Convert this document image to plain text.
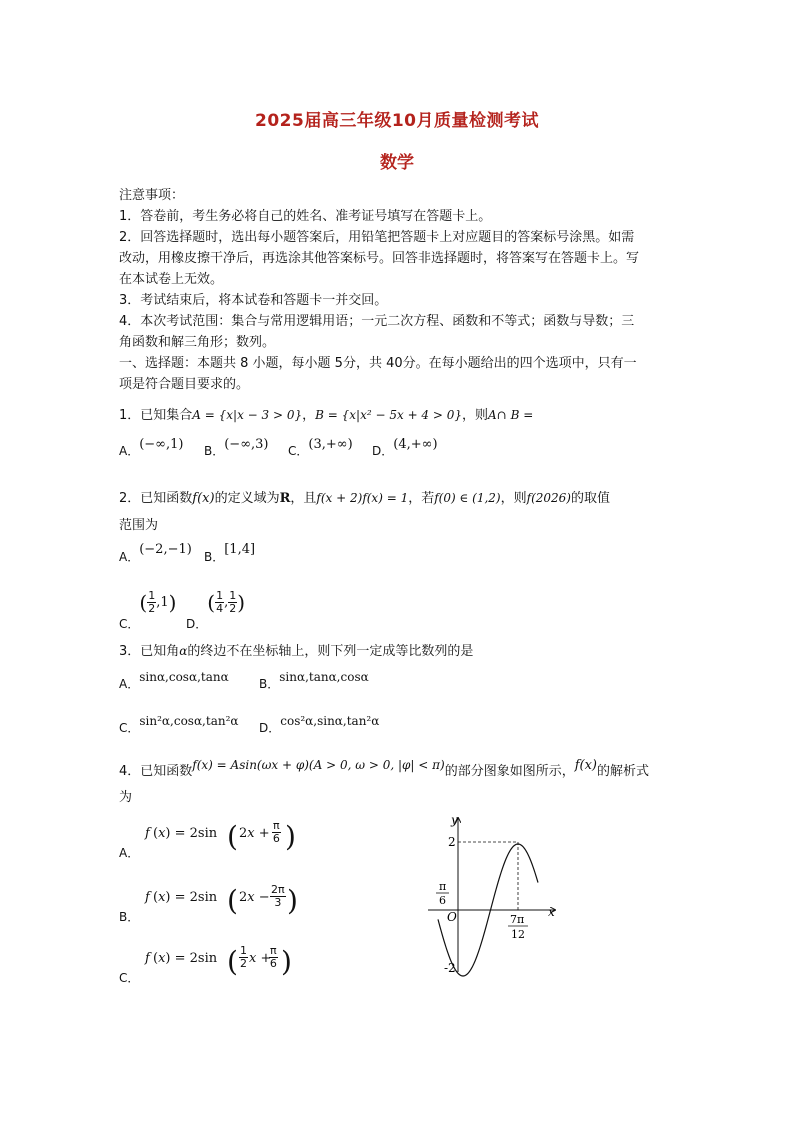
2025届高三年级10月质量检测考试
数学
注意事项：
1．答卷前，考生务必将自己的姓名、准考证号填写在答题卡上。
2．回答选择题时，选出每小题答案后，用铅笔把答题卡上对应题目的答案标号涂黑。如需
改动，用橡皮擦干净后，再选涂其他答案标号。回答非选择题时，将答案写在答题卡上。写
在本试卷上无效。
3．考试结束后，将本试卷和答题卡一并交回。
4．本次考试范围：集合与常用逻辑用语；一元二次方程、函数和不等式；函数与导数；三
角函数和解三角形；数列。
一、选择题：本题共 8 小题，每小题 5分，共 40分。在每小题给出的四个选项中，只有一
项是符合题目要求的。
1．已知集合A = {x|x − 3 > 0}，B = {x|x² − 5x + 4 > 0}，则A∩ B =
A．(−∞,1) B．(−∞,3) C．(3,+∞) D．(4,+∞)
2．已知函数f(x)的定义域为R，且f(x + 2)f(x) = 1，若f(0) ∈ (1,2)，则f(2026)的取值
范围为
A．(−2,−1) B．[1,4]
C．( $\frac{1}{2} ,1$)
D．( $\frac{1}{4}$ , $\frac{1}{2}$ )
3．已知角α的终边不在坐标轴上，则下列一定成等比数列的是
A．sinα,cosα,tanα	B．sinα,tanα,cosα
C．sin²α,cosα,tan²α D．cos²α,sinα,tan²α
4．已知函数f(x) = Asin(ωx + φ)(A > 0, ω > 0, |φ| < π)的部分图象如图所示，f(x)的解析式
为
A．
f (x) = 2sin ( $2x + \frac{\pi}{6}$ )
B．
f (x) = 2sin ( $2x - \frac{2\pi}{3}$ )
C．
f (x) = 2sin ( $\frac{1}{2}$ x +
$\frac{\pi}{6}$ )
y
x
O
2
-2
π
6
7π
12
